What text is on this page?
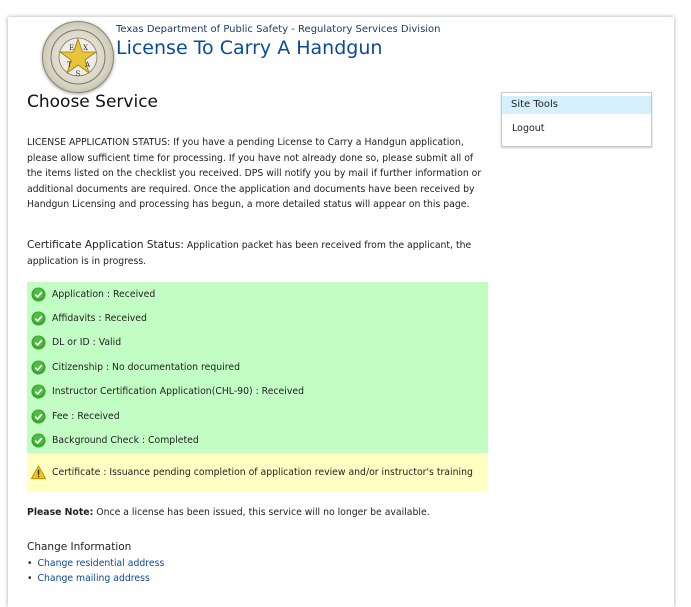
E X
T A
S
Texas Department of Public Safety - Regulatory Services Division
License To Carry A Handgun
Choose Service
LICENSE APPLICATION STATUS: If you have a pending License to Carry a Handgun application, please allow sufficient time for processing. If you have not already done so, please submit all of the items listed on the checklist you received. DPS will notify you by mail if further information or additional documents are required. Once the application and documents have been received by Handgun Licensing and processing has begun, a more detailed status will appear on this page.
Certificate Application Status: Application packet has been received from the applicant, the application is in progress.
Application : Received
Affidavits : Received
DL or ID : Valid
Citizenship : No documentation required
Instructor Certification Application(CHL-90) : Received
Fee : Received
Background Check : Completed
Certificate : Issuance pending completion of application review and/or instructor's training
Please Note: Once a license has been issued, this service will no longer be available.
Change Information
• Change residential address
• Change mailing address
Site Tools
Logout
